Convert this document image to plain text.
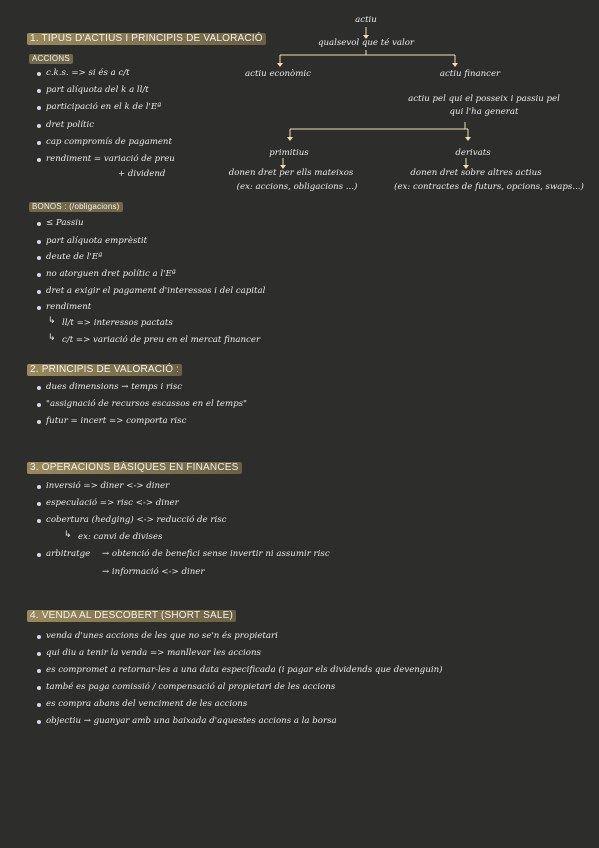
actiu
qualsevol que té valor
actiu econòmic	actiu financer
actiu pel qui el posseix i passiu pel
qui l'ha generat
primitius	derivats
donen dret per ells mateixos
(ex: accions, obligacions ...)
donen dret sobre altres actius
(ex: contractes de futurs, opcions, swaps...)
1. TIPUS D'ACTIUS I PRINCIPIS DE VALORACIÓ
ACCIONS
c.k.s. => si és a c/t
part alíquota del k a ll/t
participació en el k de l'Eª
dret polític
cap compromís de pagament
rendiment = variació de preu
+ dividend
BONOS : (/obligacions)
≤ Passiu
part alíquota emprèstit
deute de l'Eª
no atorguen dret polític a l'Eª
dret a exigir el pagament d'interessos i del capital
rendiment
↳ ll/t => interessos pactats
↳ c/t => variació de preu en el mercat financer
2. PRINCIPIS DE VALORACIÓ :
dues dimensions → temps i risc
"assignació de recursos escassos en el temps"
futur = incert => comporta risc
3. OPERACIONS BÀSIQUES EN FINANCES
inversió => diner <-> diner
especulació => risc <-> diner
cobertura (hedging) <-> reducció de risc
↳ ex: canvi de divises
arbitratge → obtenció de benefici sense invertir ni assumir risc
→ informació <-> diner
4. VENDA AL DESCOBERT (SHORT SALE)
venda d'unes accions de les que no se'n és propietari
qui diu a tenir la venda => manllevar les accions
es compromet a retornar-les a una data especificada (i pagar els dividends que devenguin)
també es paga comissió / compensació al propietari de les accions
es compra abans del venciment de les accions
objectiu → guanyar amb una baixada d'aquestes accions a la borsa
